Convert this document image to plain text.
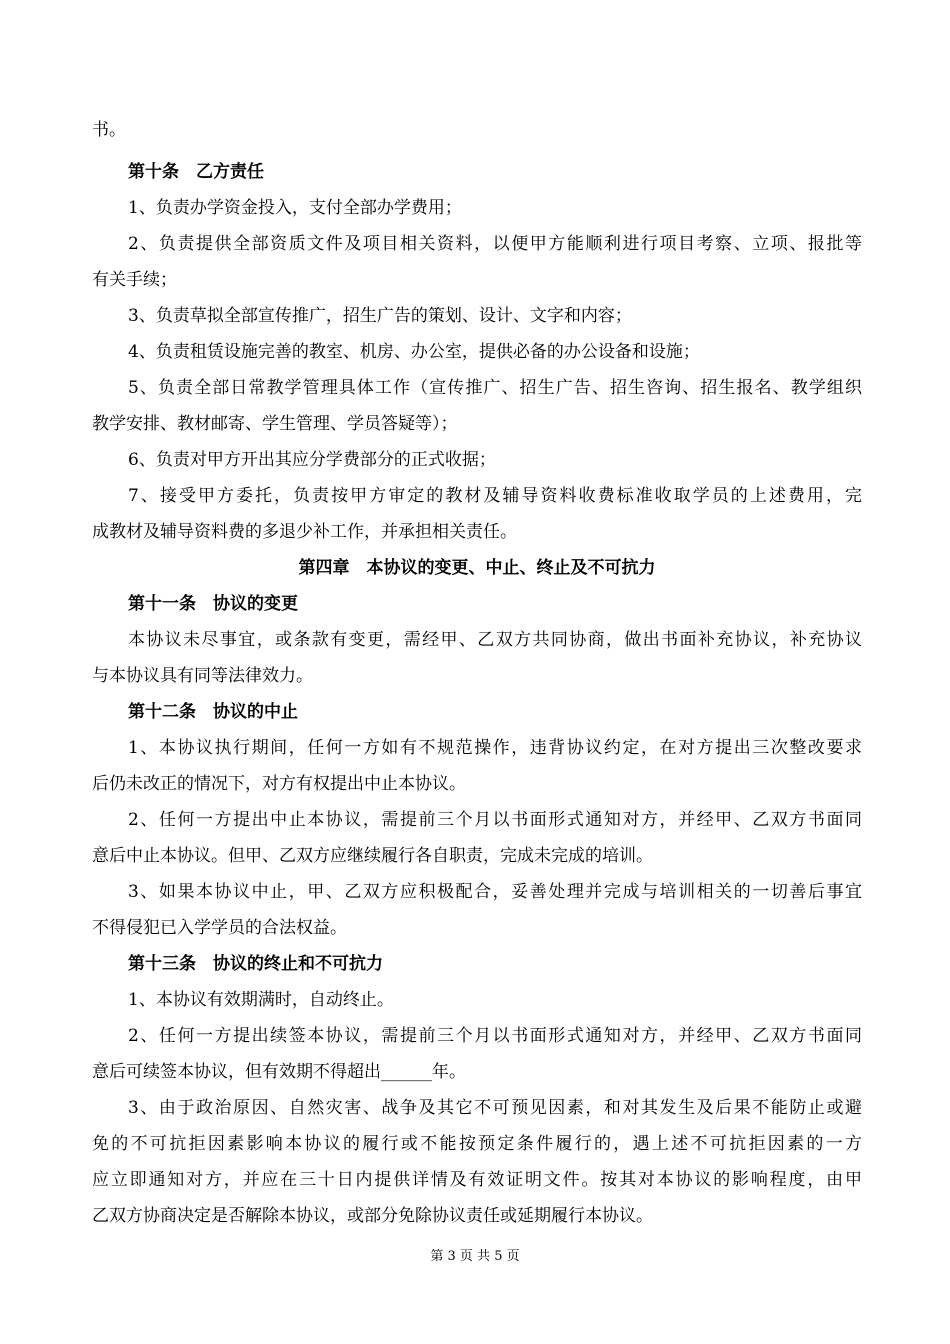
书。
第十条　乙方责任
1、负责办学资金投入，支付全部办学费用；
2、负责提供全部资质文件及项目相关资料，以便甲方能顺利进行项目考察、立项、报批等
有关手续；
3、负责草拟全部宣传推广，招生广告的策划、设计、文字和内容；
4、负责租赁设施完善的教室、机房、办公室，提供必备的办公设备和设施；
5、负责全部日常教学管理具体工作（宣传推广、招生广告、招生咨询、招生报名、教学组织
教学安排、教材邮寄、学生管理、学员答疑等）；
6、负责对甲方开出其应分学费部分的正式收据；
7、接受甲方委托，负责按甲方审定的教材及辅导资料收费标准收取学员的上述费用，完
成教材及辅导资料费的多退少补工作，并承担相关责任。
第四章　本协议的变更、中止、终止及不可抗力
第十一条　协议的变更
本协议未尽事宜，或条款有变更，需经甲、乙双方共同协商，做出书面补充协议，补充协议
与本协议具有同等法律效力。
第十二条　协议的中止
1、本协议执行期间，任何一方如有不规范操作，违背协议约定，在对方提出三次整改要求
后仍未改正的情况下，对方有权提出中止本协议。
2、任何一方提出中止本协议，需提前三个月以书面形式通知对方，并经甲、乙双方书面同
意后中止本协议。但甲、乙双方应继续履行各自职责，完成未完成的培训。
3、如果本协议中止，甲、乙双方应积极配合，妥善处理并完成与培训相关的一切善后事宜
不得侵犯已入学学员的合法权益。
第十三条　协议的终止和不可抗力
1、本协议有效期满时，自动终止。
2、任何一方提出续签本协议，需提前三个月以书面形式通知对方，并经甲、乙双方书面同
意后可续签本协议，但有效期不得超出______年。
3、由于政治原因、自然灾害、战争及其它不可预见因素，和对其发生及后果不能防止或避
免的不可抗拒因素影响本协议的履行或不能按预定条件履行的，遇上述不可抗拒因素的一方
应立即通知对方，并应在三十日内提供详情及有效证明文件。按其对本协议的影响程度，由甲
乙双方协商决定是否解除本协议，或部分免除协议责任或延期履行本协议。
第 3 页 共 5 页
